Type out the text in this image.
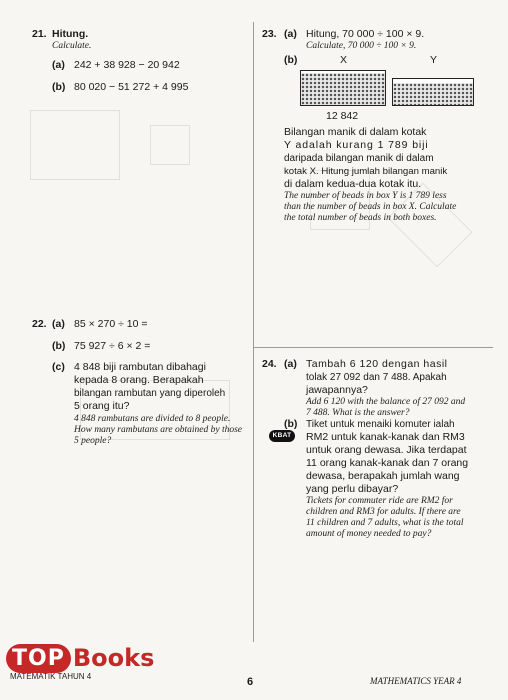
21. Hitung.
Calculate.
(a) 242 + 38 928 − 20 942
(b) 80 020 − 51 272 + 4 995
22. (a) 85 × 270 ÷ 10 =
(b) 75 927 ÷ 6 × 2 =
(c) 4 848 biji rambutan dibahagi
kepada 8 orang. Berapakah
bilangan rambutan yang diperoleh
5 orang itu?
4 848 rambutans are divided to 8 people.
How many rambutans are obtained by those
5 people?
23. (a) Hitung, 70 000 ÷ 100 × 9.
Calculate, 70 000 ÷ 100 × 9.
(b)	X	Y
12 842
Bilangan manik di dalam kotak
Y adalah kurang 1 789 biji
daripada bilangan manik di dalam
kotak X. Hitung jumlah bilangan manik
di dalam kedua-dua kotak itu.
The number of beads in box Y is 1 789 less
than the number of beads in box X. Calculate
the total number of beads in both boxes.
24. (a) Tambah 6 120 dengan hasil
tolak 27 092 dan 7 488. Apakah
jawapannya?
Add 6 120 with the balance of 27 092 and
7 488. What is the answer?
(b) Tiket untuk menaiki komuter ialah
RM2 untuk kanak-kanak dan RM3
untuk orang dewasa. Jika terdapat
11 orang kanak-kanak dan 7 orang
dewasa, berapakah jumlah wang
yang perlu dibayar?
Tickets for commuter ride are RM2 for
children and RM3 for adults. If there are
11 children and 7 adults, what is the total
amount of money needed to pay?
KBAT
TOP Books
MATEMATIK TAHUN 4	6	MATHEMATICS YEAR 4
